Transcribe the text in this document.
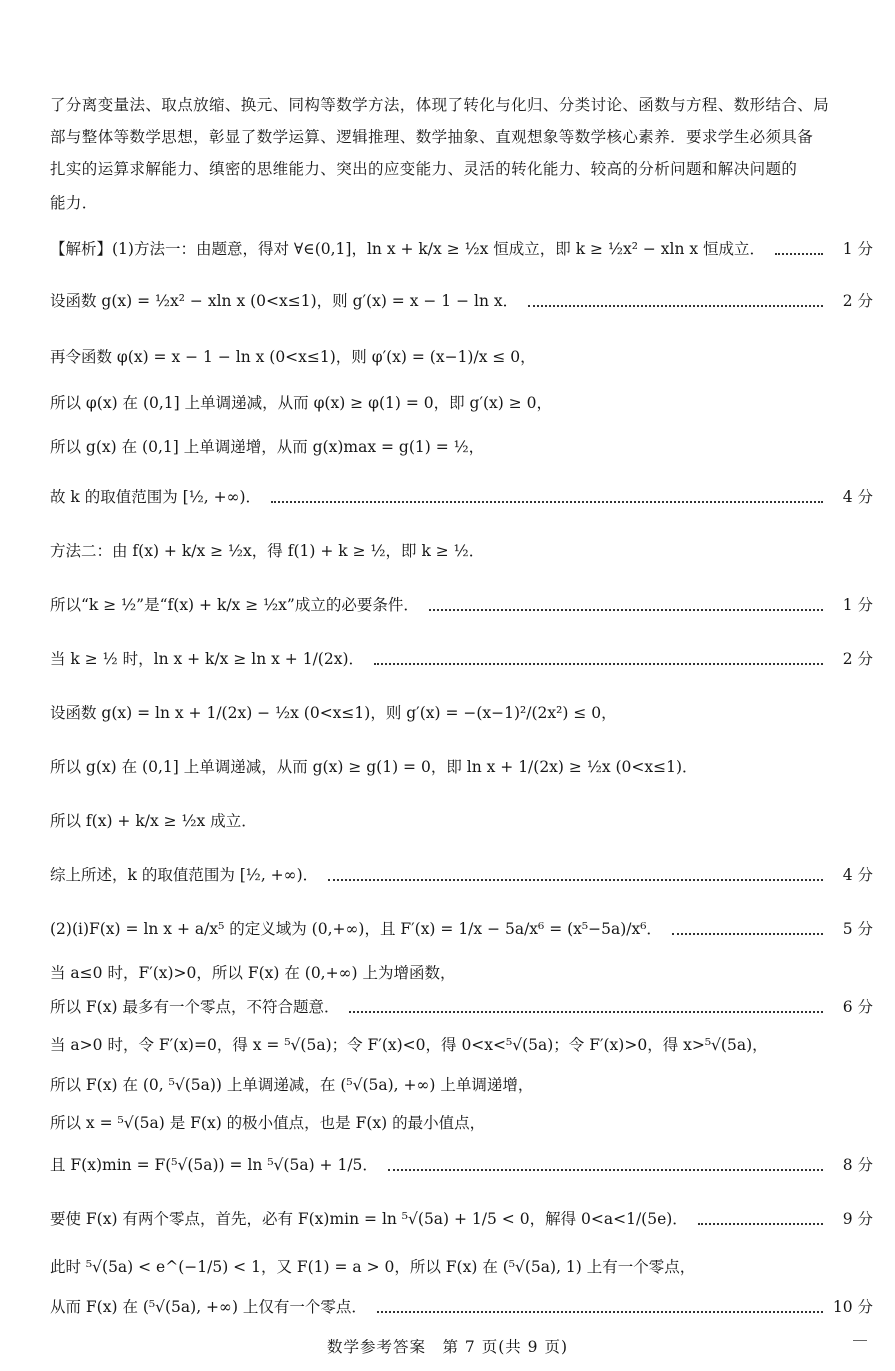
了分离变量法、取点放缩、换元、同构等数学方法，体现了转化与化归、分类讨论、函数与方程、数形结合、局
部与整体等数学思想，彰显了数学运算、逻辑推理、数学抽象、直观想象等数学核心素养．要求学生必须具备
扎实的运算求解能力、缜密的思维能力、突出的应变能力、灵活的转化能力、较高的分析问题和解决问题的
能力．
【解析】(1)方法一：由题意，得对 ∀∈(0,1]，ln x + k/x ≥ ½x 恒成立，即 k ≥ ½x² − xln x 恒成立．	1 分
设函数 g(x) = ½x² − xln x (0<x≤1)，则 g′(x) = x − 1 − ln x．	2 分
再令函数 φ(x) = x − 1 − ln x (0<x≤1)，则 φ′(x) = (x−1)/x ≤ 0，
所以 φ(x) 在 (0,1] 上单调递减，从而 φ(x) ≥ φ(1) = 0，即 g′(x) ≥ 0，
所以 g(x) 在 (0,1] 上单调递增，从而 g(x)max = g(1) = ½，
故 k 的取值范围为 [½, +∞)．	4 分
方法二：由 f(x) + k/x ≥ ½x，得 f(1) + k ≥ ½，即 k ≥ ½．
所以“k ≥ ½”是“f(x) + k/x ≥ ½x”成立的必要条件．	1 分
当 k ≥ ½ 时，ln x + k/x ≥ ln x + 1/(2x)．	2 分
设函数 g(x) = ln x + 1/(2x) − ½x (0<x≤1)，则 g′(x) = −(x−1)²/(2x²) ≤ 0，
所以 g(x) 在 (0,1] 上单调递减，从而 g(x) ≥ g(1) = 0，即 ln x + 1/(2x) ≥ ½x (0<x≤1)．
所以 f(x) + k/x ≥ ½x 成立．
综上所述，k 的取值范围为 [½, +∞)．	4 分
(2)(i)F(x) = ln x + a/x⁵ 的定义域为 (0,+∞)，且 F′(x) = 1/x − 5a/x⁶ = (x⁵−5a)/x⁶．	5 分
当 a≤0 时，F′(x)>0，所以 F(x) 在 (0,+∞) 上为增函数，
所以 F(x) 最多有一个零点，不符合题意．	6 分
当 a>0 时，令 F′(x)=0，得 x = ⁵√(5a)；令 F′(x)<0，得 0<x<⁵√(5a)；令 F′(x)>0，得 x>⁵√(5a)，
所以 F(x) 在 (0, ⁵√(5a)) 上单调递减，在 (⁵√(5a), +∞) 上单调递增，
所以 x = ⁵√(5a) 是 F(x) 的极小值点，也是 F(x) 的最小值点，
且 F(x)min = F(⁵√(5a)) = ln ⁵√(5a) + 1/5．	8 分
要使 F(x) 有两个零点，首先，必有 F(x)min = ln ⁵√(5a) + 1/5 < 0，解得 0<a<1/(5e)．	9 分
此时 ⁵√(5a) < e^(−1/5) < 1，又 F(1) = a > 0，所以 F(x) 在 (⁵√(5a), 1) 上有一个零点，
从而 F(x) 在 (⁵√(5a), +∞) 上仅有一个零点．	10 分
数学参考答案　第 7 页(共 9 页)
